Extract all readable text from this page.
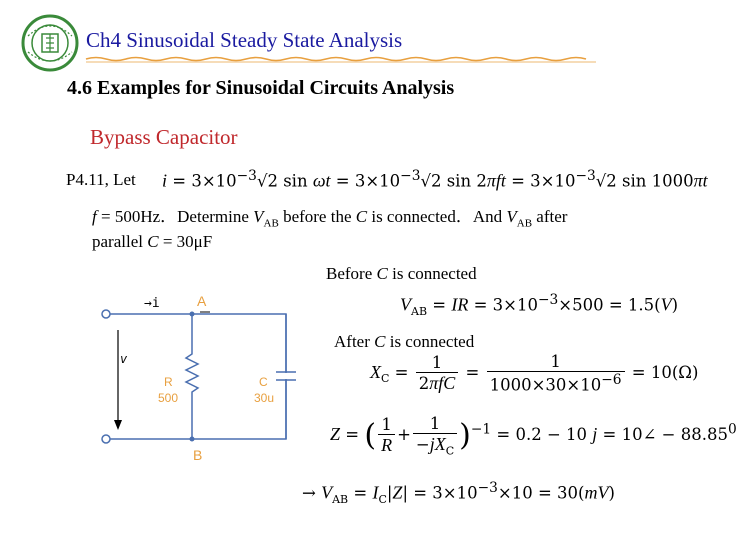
Ch4 Sinusoidal Steady State Analysis
4.6 Examples for Sinusoidal Circuits Analysis
Bypass Capacitor
P4.11, Let $i = 3\times 10^{-3}√2$ $\sin \omega t = 3\times 10^{-3}√2$ $\sin 2\pi ft = 3\times 10^{-3}√2$ sin 1000πt
f = 500Hz．Determine $V_{AB}$ before the C is connected．And $V_{AB}$ after
parallel C = 30μF
→i	A
B
v
R
500
C
30u
Before C is connected
After C is connected
$V_{AB}$ = IR = $3\times 10^{-3}\times 500 = 1.5(V)$
$X_C = \frac{1}{\text{2πfC}} = \frac{1}{1000\times 30\times 10^{-6}} = 10(\Omega)$
Z = ( $\frac{1}{R} + \frac{1}{-jX_C} )^{-1} = 0.2 - 10$ j = 10∠ − $88.85^0$
→ $V_{AB} = I_C|Z| = 3\times 10^{-3}\times 10 = 30(mV)$
